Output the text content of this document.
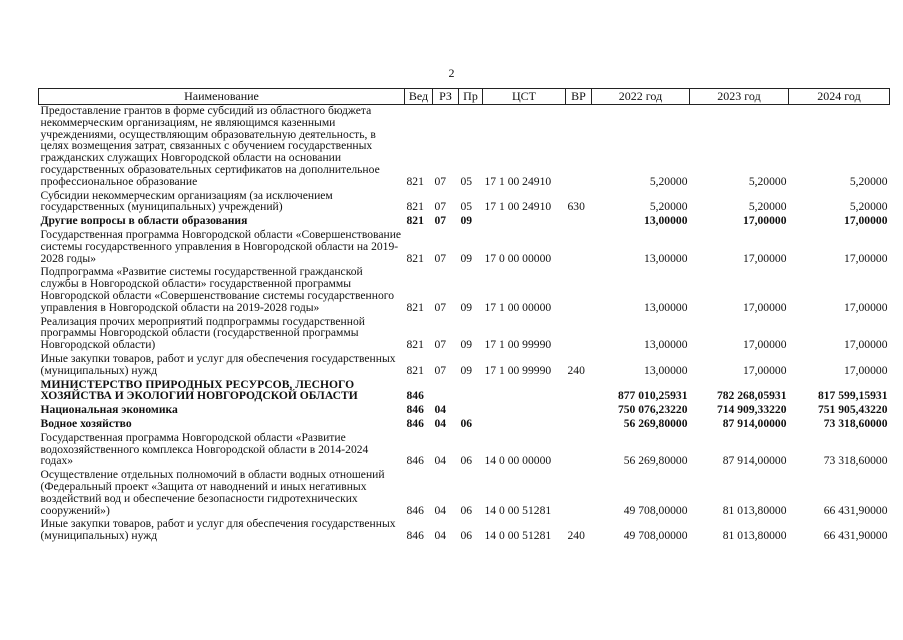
2
Наименование	Вед	РЗ	Пр	ЦСТ	ВР	2022 год	2023 год	2024 год
Предоставление грантов в форме субсидий из областного бюджета некоммерческим организациям, не являющимся казенными учреждениями, осуществляющим образовательную деятельность, в целях возмещения затрат, связанных с обучением государственных гражданских служащих Новгородской области на основании государственных образовательных сертификатов на дополнительное профессиональное образование	821	07	05	17 1 00 24910		5,20000	5,20000	5,20000
Субсидии некоммерческим организациям (за исключением государственных (муниципальных) учреждений)	821	07	05	17 1 00 24910	630	5,20000	5,20000	5,20000
Другие вопросы в области образования	821	07	09			13,00000	17,00000	17,00000
Государственная программа Новгородской области «Совершенствование системы государственного управления в Новгородской области на 2019-2028 годы»	821	07	09	17 0 00 00000		13,00000	17,00000	17,00000
Подпрограмма «Развитие системы государственной гражданской службы в Новгородской области» государственной программы Новгородской области «Совершенствование системы государственного управления в Новгородской области на 2019-2028 годы»	821	07	09	17 1 00 00000		13,00000	17,00000	17,00000
Реализация прочих мероприятий подпрограммы государственной программы Новгородской области (государственной программы Новгородской области)	821	07	09	17 1 00 99990		13,00000	17,00000	17,00000
Иные закупки товаров, работ и услуг для обеспечения государственных (муниципальных) нужд	821	07	09	17 1 00 99990	240	13,00000	17,00000	17,00000
МИНИСТЕРСТВО ПРИРОДНЫХ РЕСУРСОВ, ЛЕСНОГО ХОЗЯЙСТВА И ЭКОЛОГИИ НОВГОРОДСКОЙ ОБЛАСТИ	846					877 010,25931	782 268,05931	817 599,15931
Национальная экономика	846	04				750 076,23220	714 909,33220	751 905,43220
Водное хозяйство	846	04	06			56 269,80000	87 914,00000	73 318,60000
Государственная программа Новгородской области «Развитие водохозяйственного комплекса Новгородской области в 2014-2024 годах»	846	04	06	14 0 00 00000		56 269,80000	87 914,00000	73 318,60000
Осуществление отдельных полномочий в области водных отношений (Федеральный проект «Защита от наводнений и иных негативных воздействий вод и обеспечение безопасности гидротехнических сооружений»)	846	04	06	14 0 00 51281		49 708,00000	81 013,80000	66 431,90000
Иные закупки товаров, работ и услуг для обеспечения государственных (муниципальных) нужд	846	04	06	14 0 00 51281	240	49 708,00000	81 013,80000	66 431,90000
